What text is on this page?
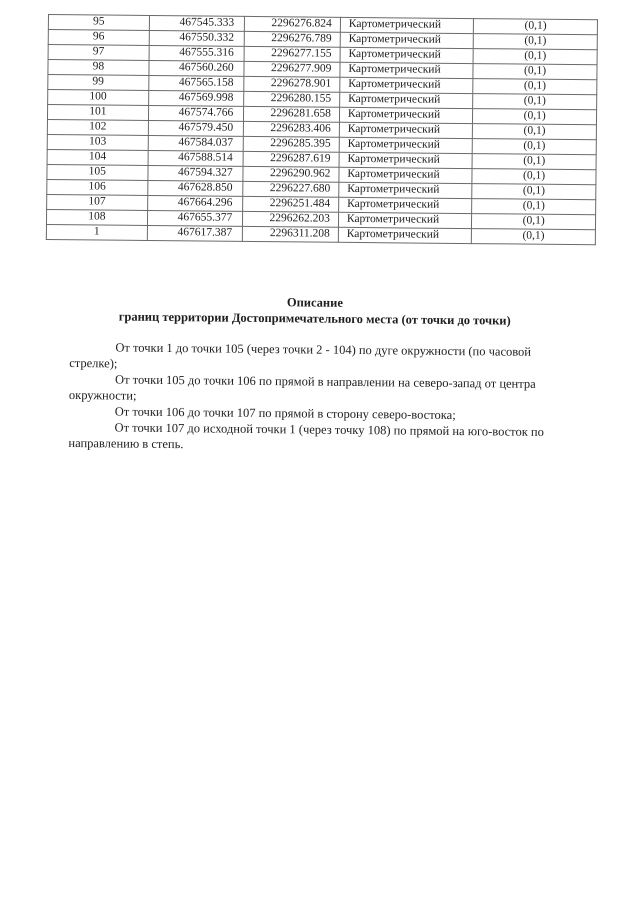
95	467545.333	2296276.824	Картометрический	(0,1)
96	467550.332	2296276.789	Картометрический	(0,1)
97	467555.316	2296277.155	Картометрический	(0,1)
98	467560.260	2296277.909	Картометрический	(0,1)
99	467565.158	2296278.901	Картометрический	(0,1)
100	467569.998	2296280.155	Картометрический	(0,1)
101	467574.766	2296281.658	Картометрический	(0,1)
102	467579.450	2296283.406	Картометрический	(0,1)
103	467584.037	2296285.395	Картометрический	(0,1)
104	467588.514	2296287.619	Картометрический	(0,1)
105	467594.327	2296290.962	Картометрический	(0,1)
106	467628.850	2296227.680	Картометрический	(0,1)
107	467664.296	2296251.484	Картометрический	(0,1)
108	467655.377	2296262.203	Картометрический	(0,1)
1	467617.387	2296311.208	Картометрический	(0,1)

Описание
границ территории Достопримечательного места (от точки до точки)

От точки 1 до точки 105 (через точки 2 - 104) по дуге окружности (по часовой стрелке);

От точки 105 до точки 106 по прямой в направлении на северо-запад от центра окружности;

От точки 106 до точки 107 по прямой в сторону северо-востока;

От точки 107 до исходной точки 1 (через точку 108) по прямой на юго-восток по направлению в степь.
